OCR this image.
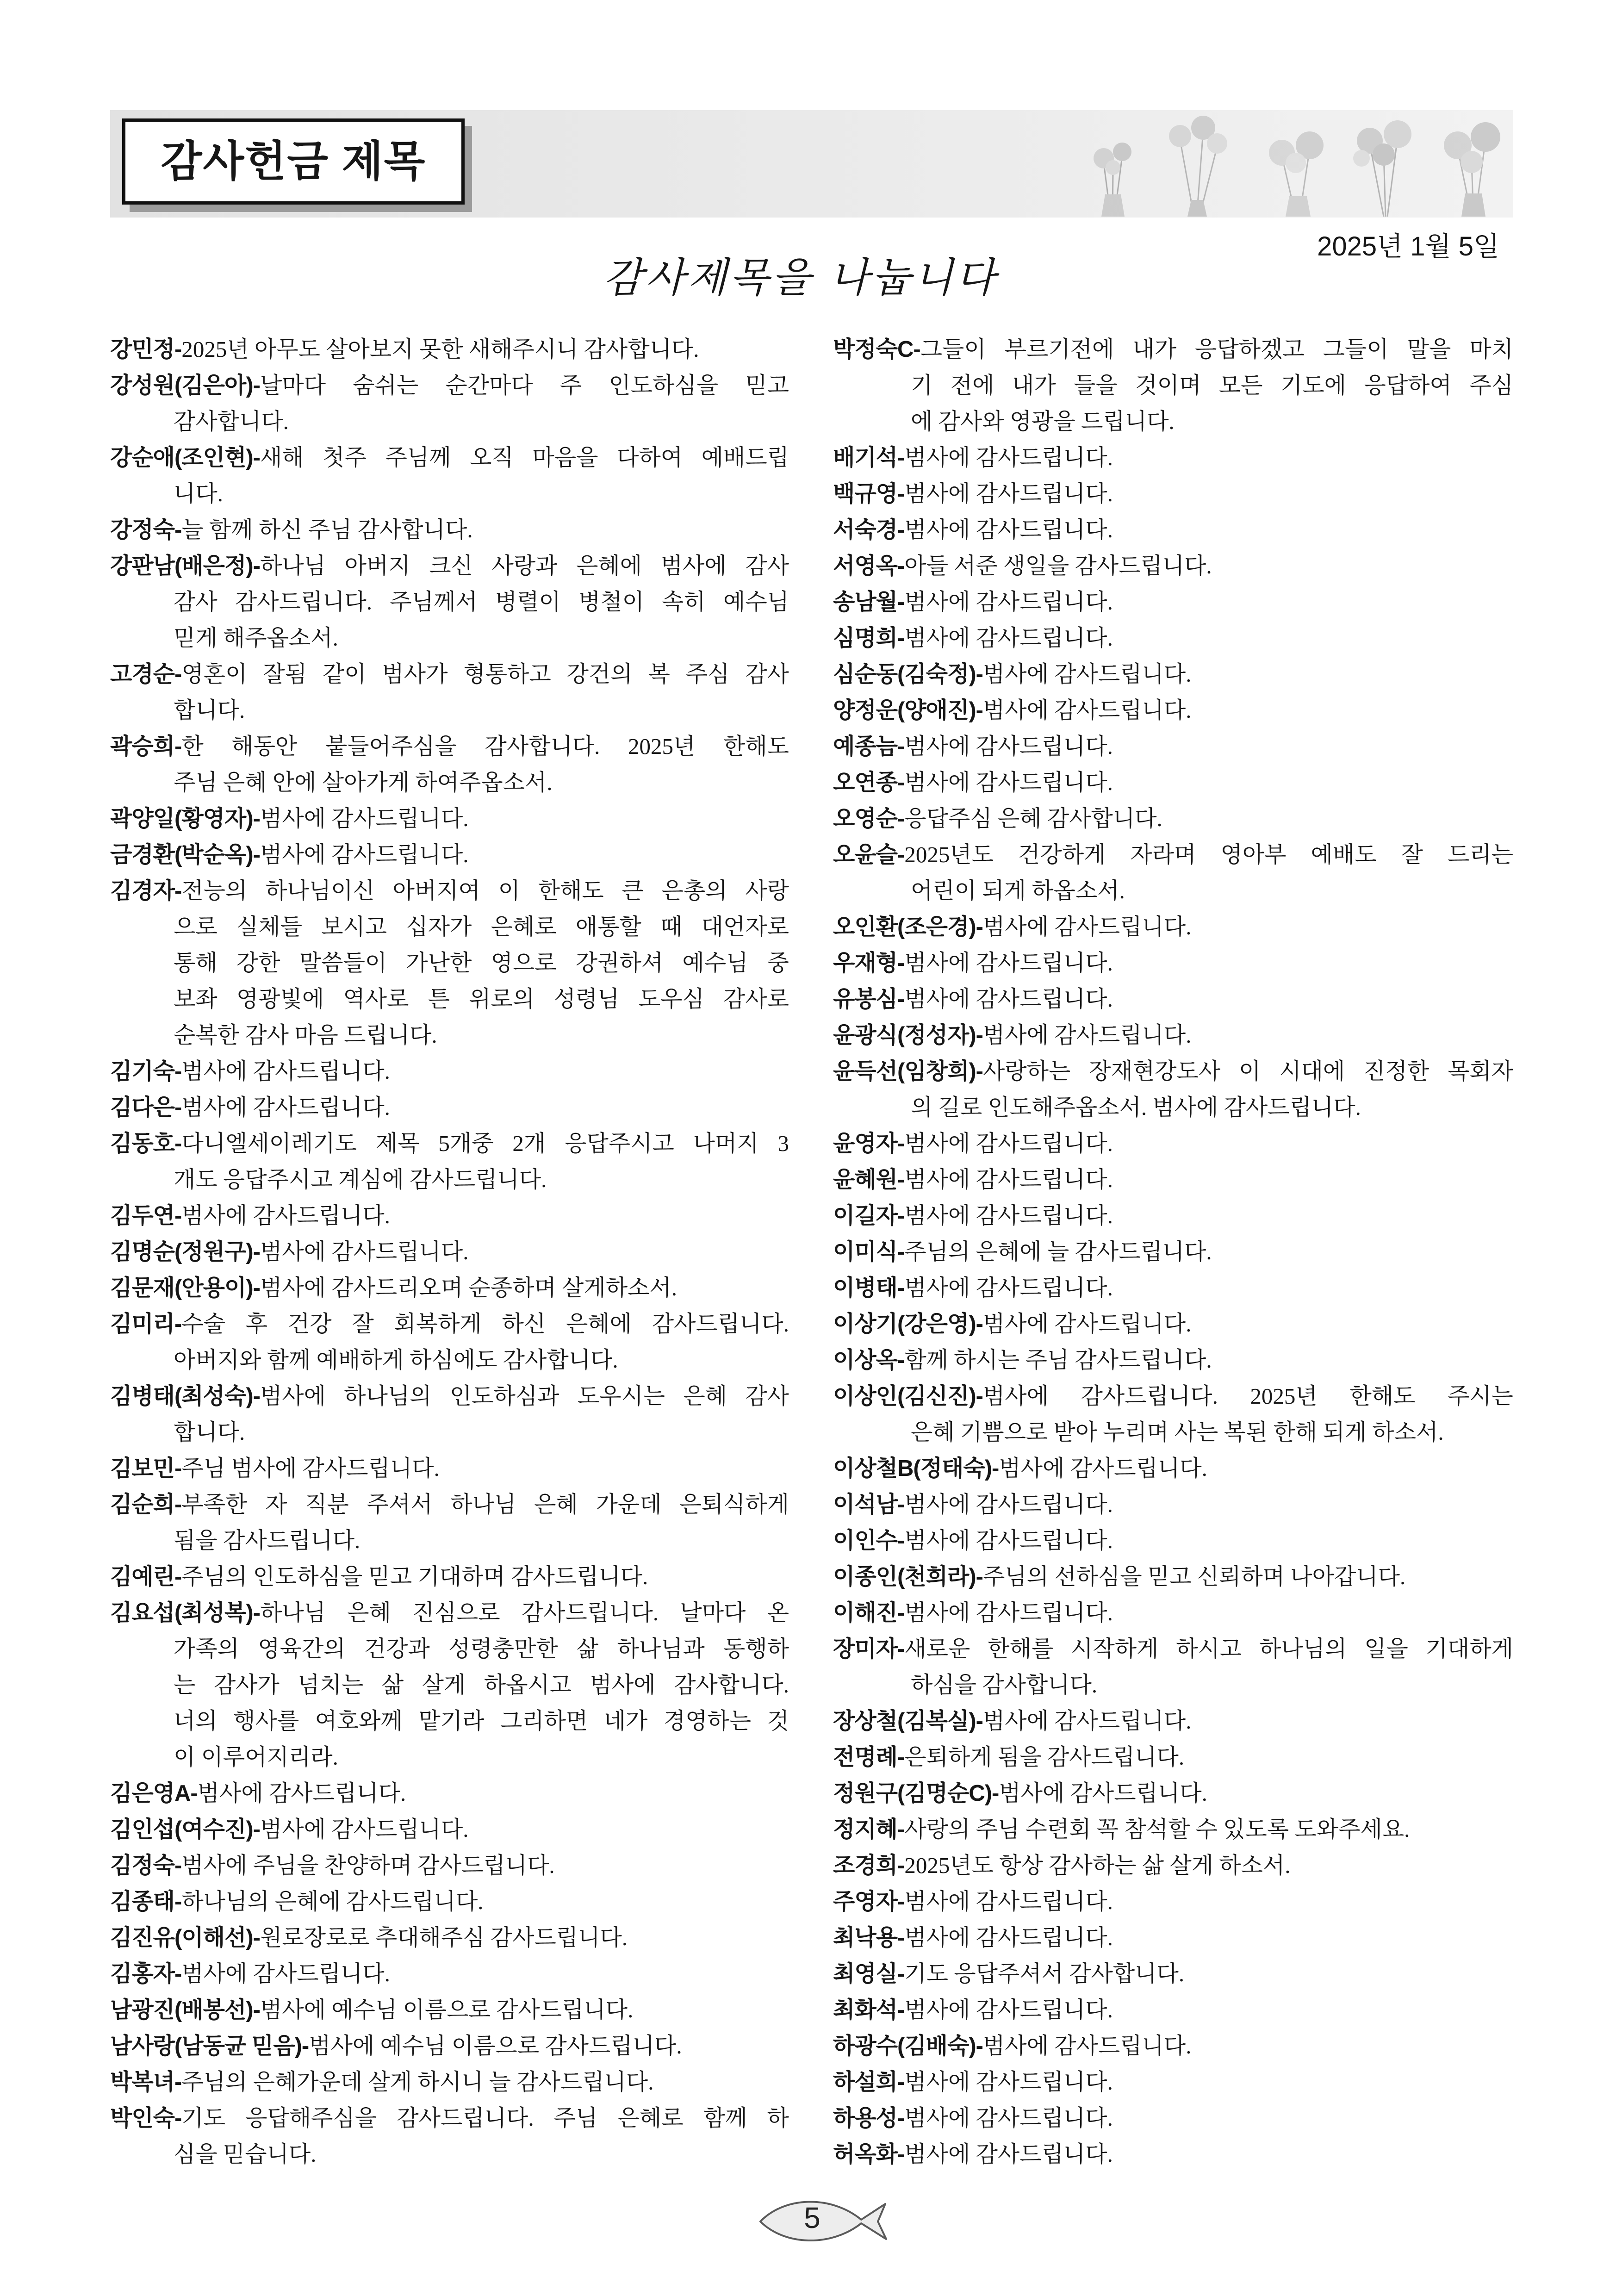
감사헌금 제목
2025년 1월 5일
감사제목을 나눕니다
강민정-2025년 아무도 살아보지 못한 새해주시니 감사합니다.
강성원(김은아)-날마다 숨쉬는 순간마다 주 인도하심을 믿고
감사합니다.
강순애(조인현)-새해 첫주 주님께 오직 마음을 다하여 예배드립
니다.
강정숙-늘 함께 하신 주님 감사합니다.
강판남(배은정)-하나님 아버지 크신 사랑과 은혜에 범사에 감사
감사 감사드립니다. 주님께서 병렬이 병철이 속히 예수님
믿게 해주옵소서.
고경순-영혼이 잘됨 같이 범사가 형통하고 강건의 복 주심 감사
합니다.
곽승희-한 해동안 붙들어주심을 감사합니다. 2025년 한해도
주님 은혜 안에 살아가게 하여주옵소서.
곽양일(황영자)-범사에 감사드립니다.
금경환(박순옥)-범사에 감사드립니다.
김경자-전능의 하나님이신 아버지여 이 한해도 큰 은총의 사랑
으로 실체들 보시고 십자가 은혜로 애통할 때 대언자로
통해 강한 말씀들이 가난한 영으로 강권하셔 예수님 중
보좌 영광빛에 역사로 튼 위로의 성령님 도우심 감사로
순복한 감사 마음 드립니다.
김기숙-범사에 감사드립니다.
김다은-범사에 감사드립니다.
김동호-다니엘세이레기도 제목 5개중 2개 응답주시고 나머지 3
개도 응답주시고 계심에 감사드립니다.
김두연-범사에 감사드립니다.
김명순(정원구)-범사에 감사드립니다.
김문재(안용이)-범사에 감사드리오며 순종하며 살게하소서.
김미리-수술 후 건강 잘 회복하게 하신 은혜에 감사드립니다.
아버지와 함께 예배하게 하심에도 감사합니다.
김병태(최성숙)-범사에 하나님의 인도하심과 도우시는 은혜 감사
합니다.
김보민-주님 범사에 감사드립니다.
김순희-부족한 자 직분 주셔서 하나님 은혜 가운데 은퇴식하게
됨을 감사드립니다.
김예린-주님의 인도하심을 믿고 기대하며 감사드립니다.
김요섭(최성복)-하나님 은혜 진심으로 감사드립니다. 날마다 온
가족의 영육간의 건강과 성령충만한 삶 하나님과 동행하
는 감사가 넘치는 삶 살게 하옵시고 범사에 감사합니다.
너의 행사를 여호와께 맡기라 그리하면 네가 경영하는 것
이 이루어지리라.
김은영A-범사에 감사드립니다.
김인섭(여수진)-범사에 감사드립니다.
김정숙-범사에 주님을 찬양하며 감사드립니다.
김종태-하나님의 은혜에 감사드립니다.
김진유(이해선)-원로장로로 추대해주심 감사드립니다.
김홍자-범사에 감사드립니다.
남광진(배봉선)-범사에 예수님 이름으로 감사드립니다.
남사랑(남동균 믿음)-범사에 예수님 이름으로 감사드립니다.
박복녀-주님의 은혜가운데 살게 하시니 늘 감사드립니다.
박인숙-기도 응답해주심을 감사드립니다. 주님 은혜로 함께 하
심을 믿습니다.
박정숙C-그들이 부르기전에 내가 응답하겠고 그들이 말을 마치
기 전에 내가 들을 것이며 모든 기도에 응답하여 주심
에 감사와 영광을 드립니다.
배기석-범사에 감사드립니다.
백규영-범사에 감사드립니다.
서숙경-범사에 감사드립니다.
서영옥-아들 서준 생일을 감사드립니다.
송남월-범사에 감사드립니다.
심명희-범사에 감사드립니다.
심순동(김숙정)-범사에 감사드립니다.
양정운(양애진)-범사에 감사드립니다.
예종늠-범사에 감사드립니다.
오연종-범사에 감사드립니다.
오영순-응답주심 은혜 감사합니다.
오윤슬-2025년도 건강하게 자라며 영아부 예배도 잘 드리는
어린이 되게 하옵소서.
오인환(조은경)-범사에 감사드립니다.
우재형-범사에 감사드립니다.
유봉심-범사에 감사드립니다.
윤광식(정성자)-범사에 감사드립니다.
윤득선(임창희)-사랑하는 장재현강도사 이 시대에 진정한 목회자
의 길로 인도해주옵소서. 범사에 감사드립니다.
윤영자-범사에 감사드립니다.
윤혜원-범사에 감사드립니다.
이길자-범사에 감사드립니다.
이미식-주님의 은혜에 늘 감사드립니다.
이병태-범사에 감사드립니다.
이상기(강은영)-범사에 감사드립니다.
이상옥-함께 하시는 주님 감사드립니다.
이상인(김신진)-범사에 감사드립니다. 2025년 한해도 주시는
은혜 기쁨으로 받아 누리며 사는 복된 한해 되게 하소서.
이상철B(정태숙)-범사에 감사드립니다.
이석남-범사에 감사드립니다.
이인수-범사에 감사드립니다.
이종인(천희라)-주님의 선하심을 믿고 신뢰하며 나아갑니다.
이해진-범사에 감사드립니다.
장미자-새로운 한해를 시작하게 하시고 하나님의 일을 기대하게
하심을 감사합니다.
장상철(김복실)-범사에 감사드립니다.
전명례-은퇴하게 됨을 감사드립니다.
정원구(김명순C)-범사에 감사드립니다.
정지혜-사랑의 주님 수련회 꼭 참석할 수 있도록 도와주세요.
조경희-2025년도 항상 감사하는 삶 살게 하소서.
주영자-범사에 감사드립니다.
최낙용-범사에 감사드립니다.
최영실-기도 응답주셔서 감사합니다.
최화석-범사에 감사드립니다.
하광수(김배숙)-범사에 감사드립니다.
하설희-범사에 감사드립니다.
하용성-범사에 감사드립니다.
허옥화-범사에 감사드립니다.
5
